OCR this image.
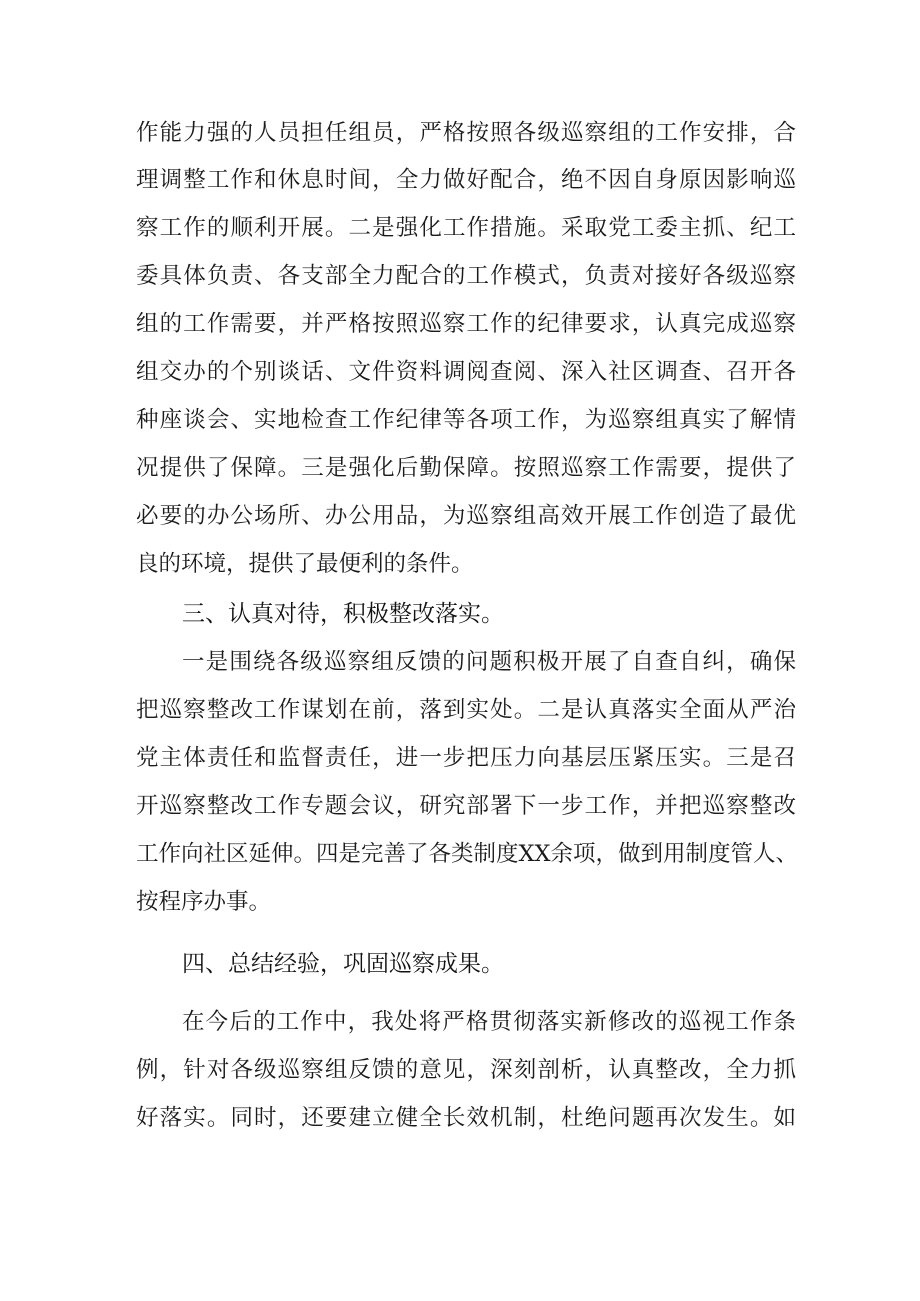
作能力强的人员担任组员，严格按照各级巡察组的工作安排，合
理调整工作和休息时间，全力做好配合，绝不因自身原因影响巡
察工作的顺利开展。二是强化工作措施。采取党工委主抓、纪工
委具体负责、各支部全力配合的工作模式，负责对接好各级巡察
组的工作需要，并严格按照巡察工作的纪律要求，认真完成巡察
组交办的个别谈话、文件资料调阅查阅、深入社区调查、召开各
种座谈会、实地检查工作纪律等各项工作，为巡察组真实了解情
况提供了保障。三是强化后勤保障。按照巡察工作需要，提供了
必要的办公场所、办公用品，为巡察组高效开展工作创造了最优
良的环境，提供了最便利的条件。
三、认真对待，积极整改落实。
一是围绕各级巡察组反馈的问题积极开展了自查自纠，确保
把巡察整改工作谋划在前，落到实处。二是认真落实全面从严治
党主体责任和监督责任，进一步把压力向基层压紧压实。三是召
开巡察整改工作专题会议，研究部署下一步工作，并把巡察整改
工作向社区延伸。四是完善了各类制度XX余项，做到用制度管人、
按程序办事。
四、总结经验，巩固巡察成果。
在今后的工作中，我处将严格贯彻落实新修改的巡视工作条
例，针对各级巡察组反馈的意见，深刻剖析，认真整改，全力抓
好落实。同时，还要建立健全长效机制，杜绝问题再次发生。如
